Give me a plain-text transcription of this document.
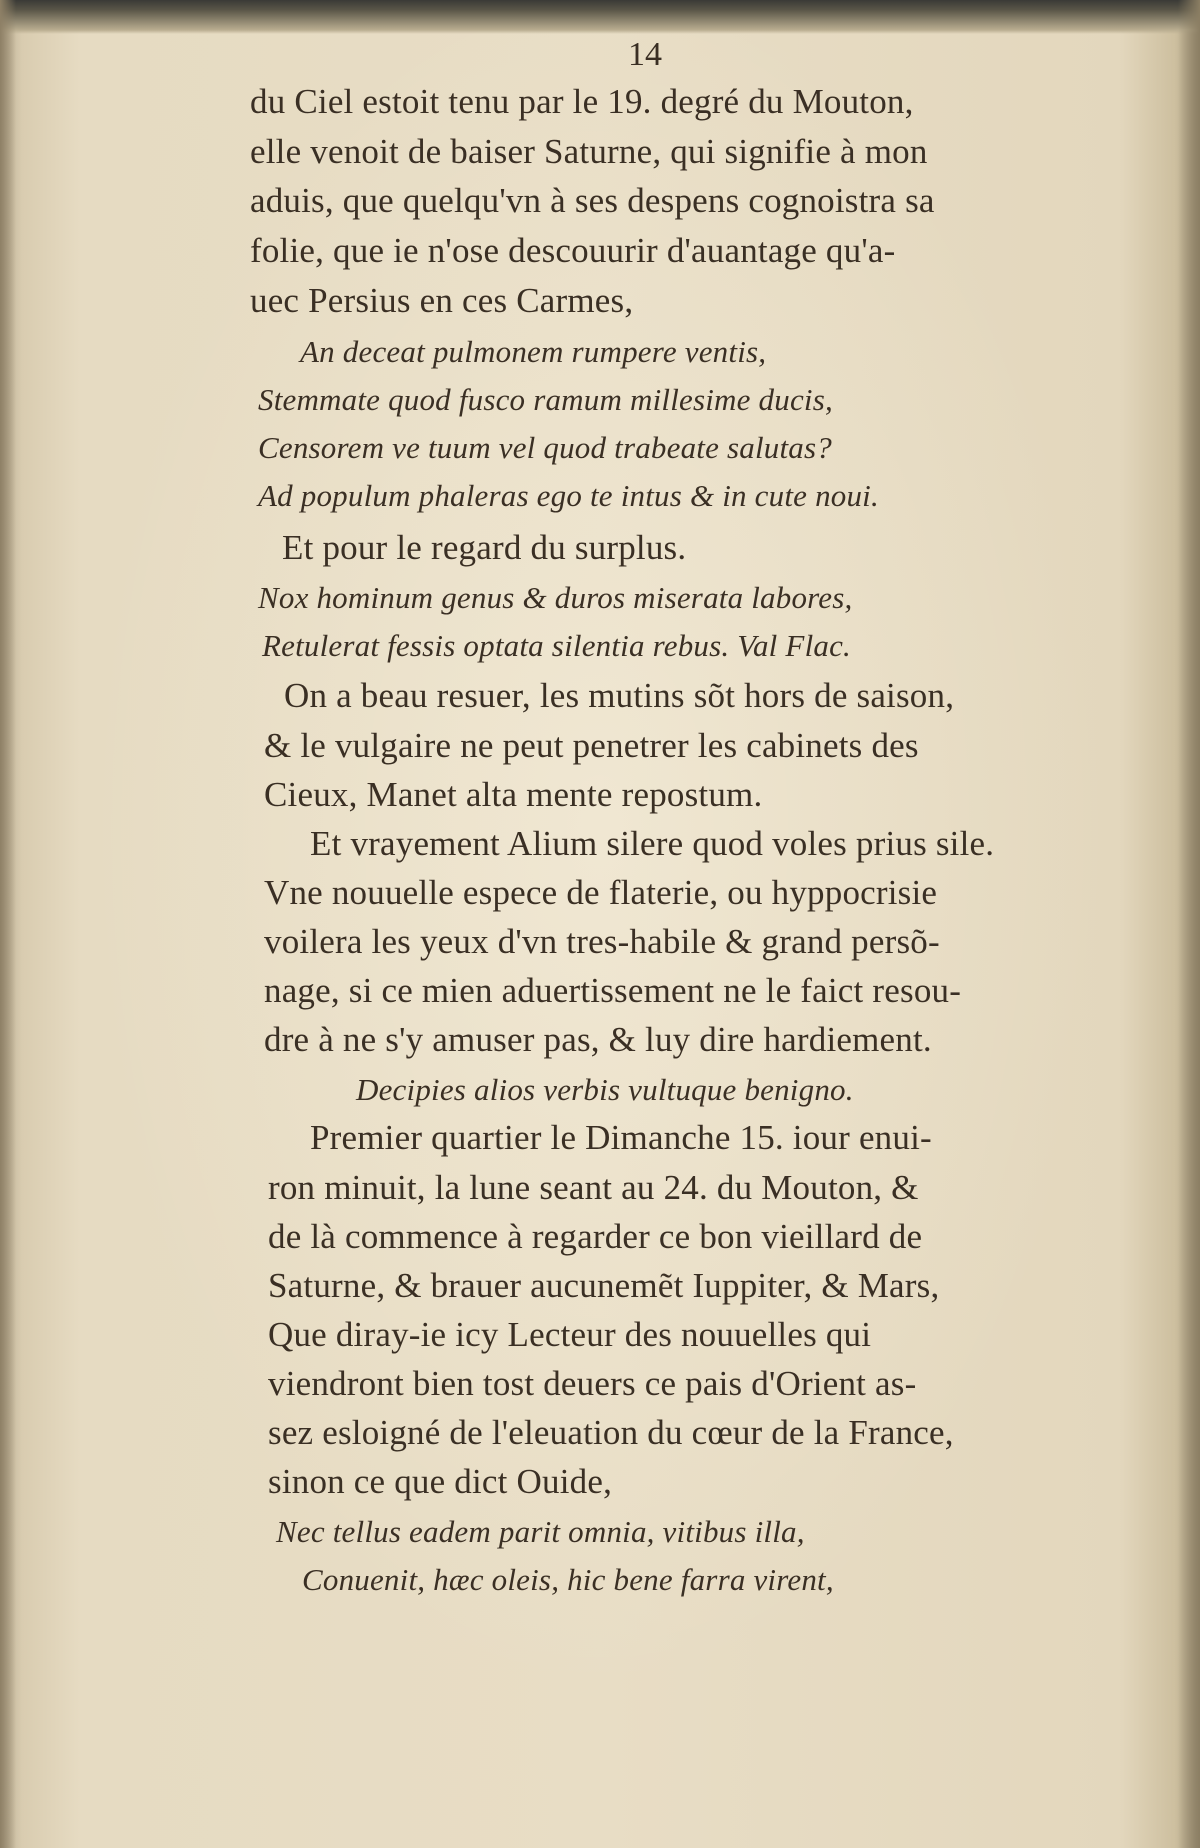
14
du Ciel estoit tenu par le 19. degré du Mouton,
elle venoit de baiser Saturne, qui signifie à mon
aduis, que quelqu'vn à ses despens cognoistra sa
folie, que ie n'ose descouurir d'auantage qu'a-
uec Persius en ces Carmes,
An deceat pulmonem rumpere ventis,
Stemmate quod fusco ramum millesime ducis,
Censorem ve tuum vel quod trabeate salutas?
Ad populum phaleras ego te intus & in cute noui.
Et pour le regard du surplus.
Nox hominum genus & duros miserata labores,
Retulerat fessis optata silentia rebus. Val Flac.
On a beau resuer, les mutins sõt hors de saison,
& le vulgaire ne peut penetrer les cabinets des
Cieux, Manet alta mente repostum.
Et vrayement Alium silere quod voles prius sile.
Vne nouuelle espece de flaterie, ou hyppocrisie
voilera les yeux d'vn tres-habile & grand persõ-
nage, si ce mien aduertissement ne le faict resou-
dre à ne s'y amuser pas, & luy dire hardiement.
Decipies alios verbis vultuque benigno.
Premier quartier le Dimanche 15. iour enui-
ron minuit, la lune seant au 24. du Mouton, &
de là commence à regarder ce bon vieillard de
Saturne, & brauer aucunemẽt Iuppiter, & Mars,
Que diray-ie icy Lecteur des nouuelles qui
viendront bien tost deuers ce pais d'Orient as-
sez esloigné de l'eleuation du cœur de la France,
sinon ce que dict Ouide,
Nec tellus eadem parit omnia, vitibus illa,
Conuenit, hæc oleis, hic bene farra virent,
